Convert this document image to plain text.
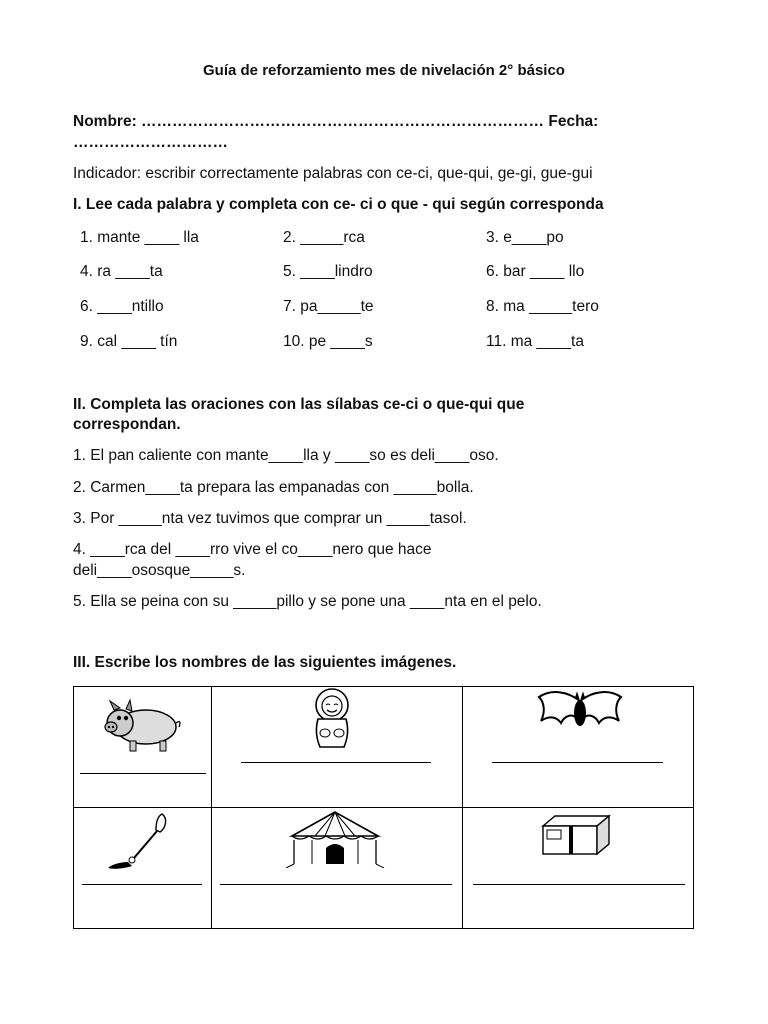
Guía de reforzamiento mes de nivelación 2° básico
Nombre: …………………………………………………………………… Fecha:
…………………………
Indicador: escribir correctamente palabras con ce-ci, que-qui, ge-gi, gue-gui
I. Lee cada palabra y completa con ce- ci o que - qui según corresponda
1. mante ____ lla	2. _____rca	3. e____po
4. ra ____ta	5. ____lindro	6. bar ____ llo
6. ____ntillo	7. pa_____te	8. ma _____tero
9. cal ____ tín	10. pe ____s	11. ma ____ta
II. Completa las oraciones con las sílabas ce-ci o que-qui que
correspondan.
1. El pan caliente con mante____lla y ____so es deli____oso.
2. Carmen____ta prepara las empanadas con _____bolla.
3. Por _____nta vez tuvimos que comprar un _____tasol.
4. ____rca del ____rro vive el co____nero que hace
deli____ososque_____s.
5. Ella se peina con su _____pillo y se pone una ____nta en el pelo.
III. Escribe los nombres de las siguientes imágenes.
